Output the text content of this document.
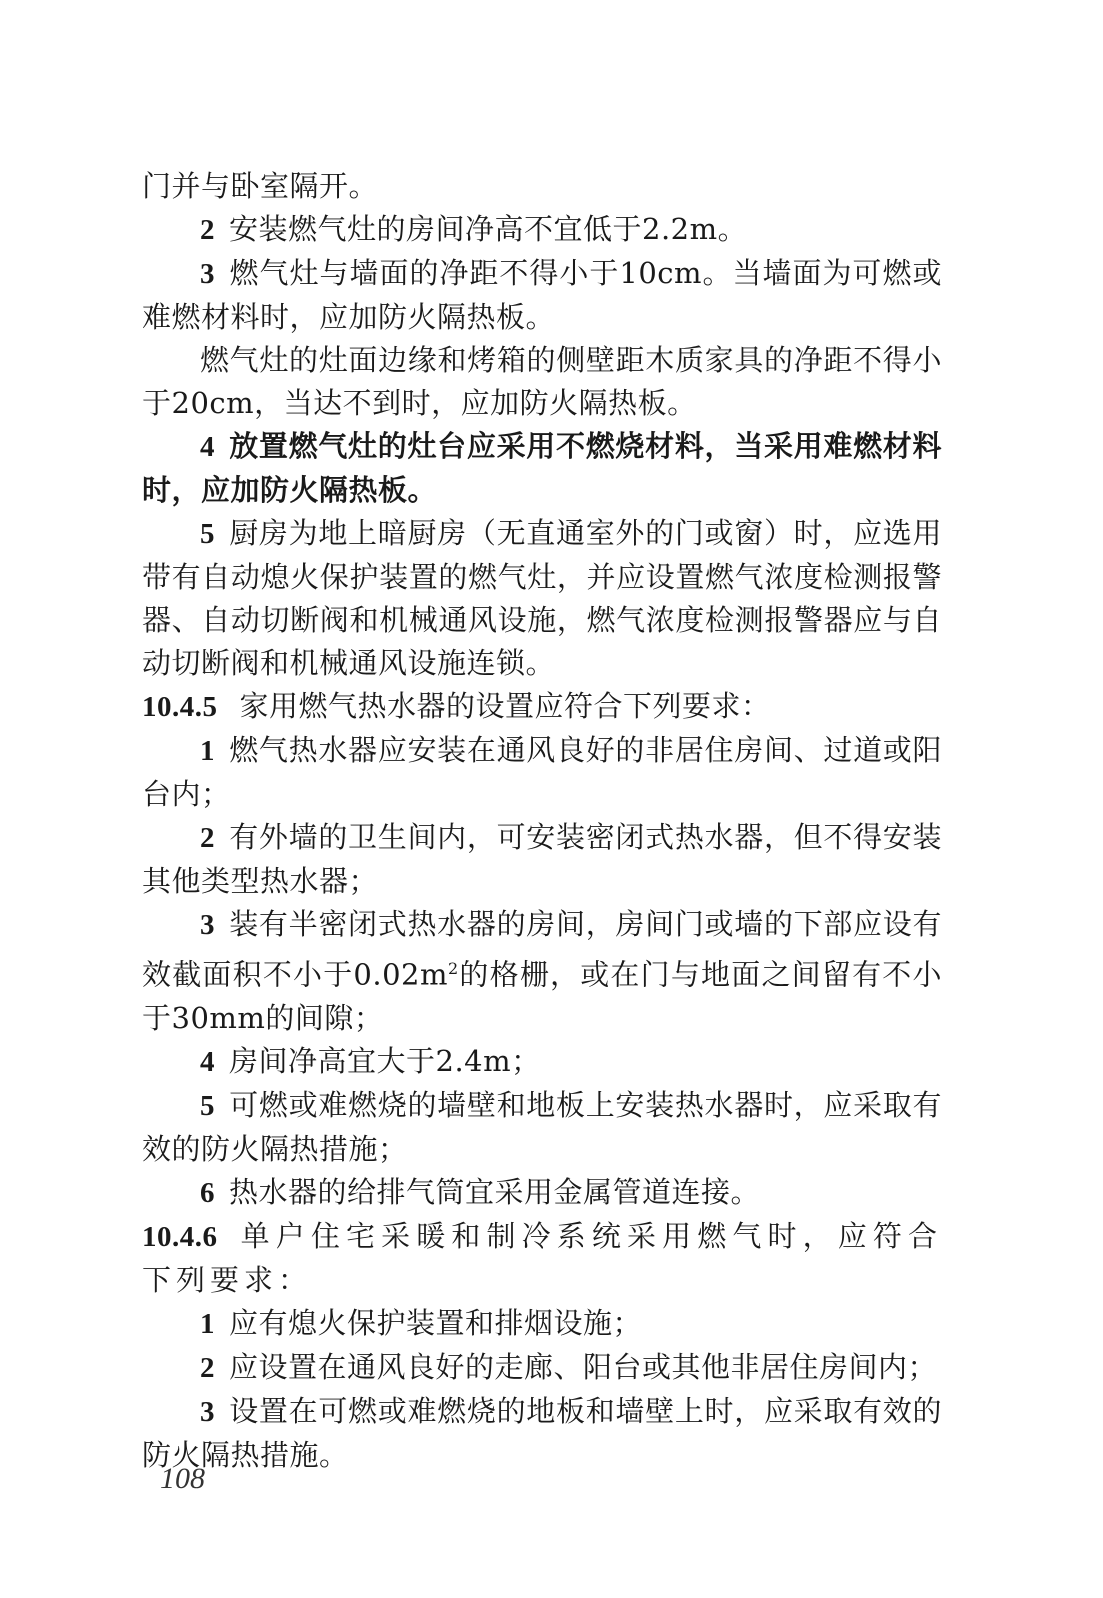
门并与卧室隔开。

2 安装燃气灶的房间净高不宜低于2.2m。

3 燃气灶与墙面的净距不得小于10cm。当墙面为可燃或难燃材料时，应加防火隔热板。

燃气灶的灶面边缘和烤箱的侧壁距木质家具的净距不得小于20cm，当达不到时，应加防火隔热板。

4 放置燃气灶的灶台应采用不燃烧材料，当采用难燃材料时，应加防火隔热板。

5 厨房为地上暗厨房（无直通室外的门或窗）时，应选用带有自动熄火保护装置的燃气灶，并应设置燃气浓度检测报警器、自动切断阀和机械通风设施，燃气浓度检测报警器应与自动切断阀和机械通风设施连锁。

10.4.5 家用燃气热水器的设置应符合下列要求：

1 燃气热水器应安装在通风良好的非居住房间、过道或阳台内；

2 有外墙的卫生间内，可安装密闭式热水器，但不得安装其他类型热水器；

3 装有半密闭式热水器的房间，房间门或墙的下部应设有效截面积不小于$0.02m^2$的格栅，或在门与地面之间留有不小于30mm的间隙；

4 房间净高宜大于2.4m；

5 可燃或难燃烧的墙壁和地板上安装热水器时，应采取有效的防火隔热措施；

6 热水器的给排气筒宜采用金属管道连接。

10.4.6 单户住宅采暖和制冷系统采用燃气时，应符合下列要求：

1 应有熄火保护装置和排烟设施；

2 应设置在通风良好的走廊、阳台或其他非居住房间内；

3 设置在可燃或难燃烧的地板和墙壁上时，应采取有效的防火隔热措施。

108
